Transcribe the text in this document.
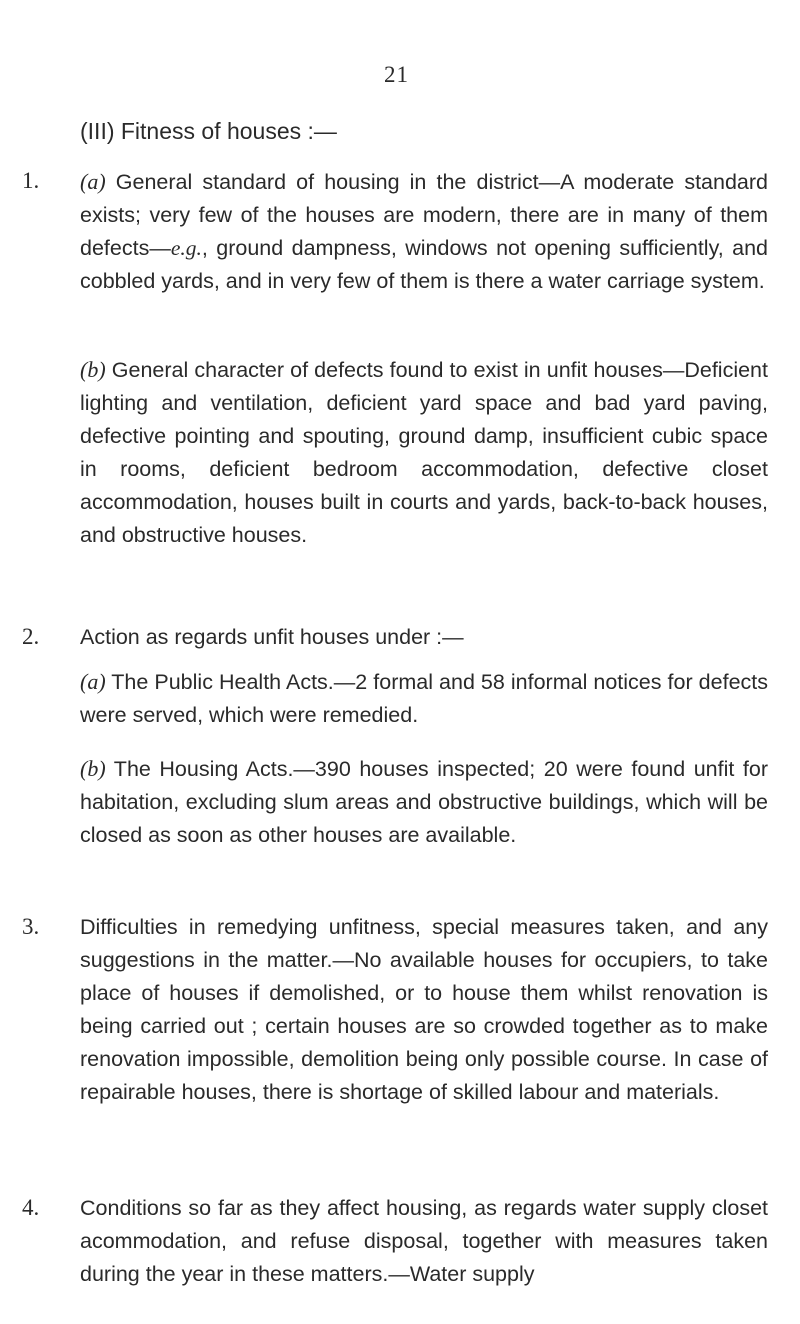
21
(III) Fitness of houses :—
1. (a) General standard of housing in the district—A moderate standard exists; very few of the houses are modern, there are in many of them defects—e.g., ground dampness, windows not opening sufficiently, and cobbled yards, and in very few of them is there a water carriage system.

(b) General character of defects found to exist in unfit houses—Deficient lighting and ventilation, deficient yard space and bad yard paving, defective pointing and spouting, ground damp, insufficient cubic space in rooms, deficient bedroom accommodation, defective closet accommodation, houses built in courts and yards, back-to-back houses, and obstructive houses.

2. Action as regards unfit houses under :—

(a) The Public Health Acts.—2 formal and 58 informal notices for defects were served, which were remedied.

(b) The Housing Acts.—390 houses inspected; 20 were found unfit for habitation, excluding slum areas and obstructive buildings, which will be closed as soon as other houses are available.

3. Difficulties in remedying unfitness, special measures taken, and any suggestions in the matter.—No available houses for occupiers, to take place of houses if demolished, or to house them whilst renovation is being carried out ; certain houses are so crowded together as to make renovation impossible, demolition being only possible course. In case of repairable houses, there is shortage of skilled labour and materials.

4. Conditions so far as they affect housing, as regards water supply closet acommodation, and refuse disposal, together with measures taken during the year in these matters.—Water supply
